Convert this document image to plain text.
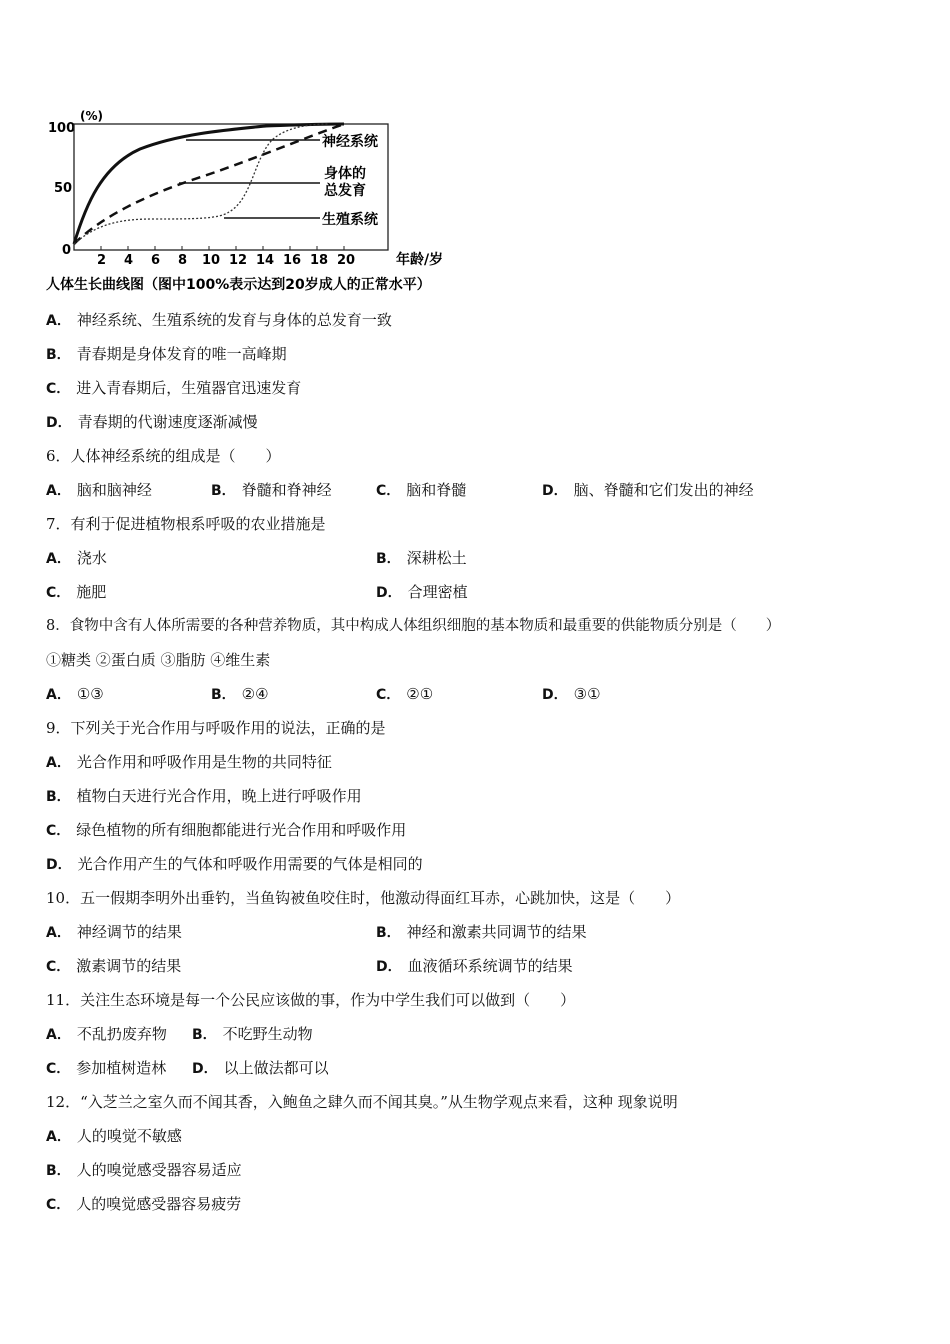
(%)
100
50
0
2 4 6 8 10 12 14 16 18 20
神经系统
身体的
总发育
生殖系统
年龄/岁
人体生长曲线图（图中100%表示达到20岁成人的正常水平）
A． 神经系统、生殖系统的发育与身体的总发育一致
B． 青春期是身体发育的唯一高峰期
C． 进入青春期后，生殖器官迅速发育
D． 青春期的代谢速度逐渐减慢
6．人体神经系统的组成是（　　）
A． 脑和脑神经	B． 脊髓和脊神经	C． 脑和脊髓	D． 脑、脊髓和它们发出的神经
7．有利于促进植物根系呼吸的农业措施是
A． 浇水	B． 深耕松土
C． 施肥	D． 合理密植
8．食物中含有人体所需要的各种营养物质，其中构成人体组织细胞的基本物质和最重要的供能物质分别是（　　）
①糖类 ②蛋白质 ③脂肪 ④维生素
A． ①③	B． ②④	C． ②①	D． ③①
9．下列关于光合作用与呼吸作用的说法，正确的是
A． 光合作用和呼吸作用是生物的共同特征
B． 植物白天进行光合作用，晚上进行呼吸作用
C． 绿色植物的所有细胞都能进行光合作用和呼吸作用
D． 光合作用产生的气体和呼吸作用需要的气体是相同的
10．五一假期李明外出垂钓，当鱼钩被鱼咬住时，他激动得面红耳赤，心跳加快，这是（　　）
A． 神经调节的结果	B． 神经和激素共同调节的结果
C． 激素调节的结果	D． 血液循环系统调节的结果
11．关注生态环境是每一个公民应该做的事，作为中学生我们可以做到（　　）
A． 不乱扔废弃物 B． 不吃野生动物
C． 参加植树造林 D． 以上做法都可以
12．“入芝兰之室久而不闻其香，入鲍鱼之肆久而不闻其臭。”从生物学观点来看，这种 现象说明
A． 人的嗅觉不敏感
B． 人的嗅觉感受器容易适应
C． 人的嗅觉感受器容易疲劳
